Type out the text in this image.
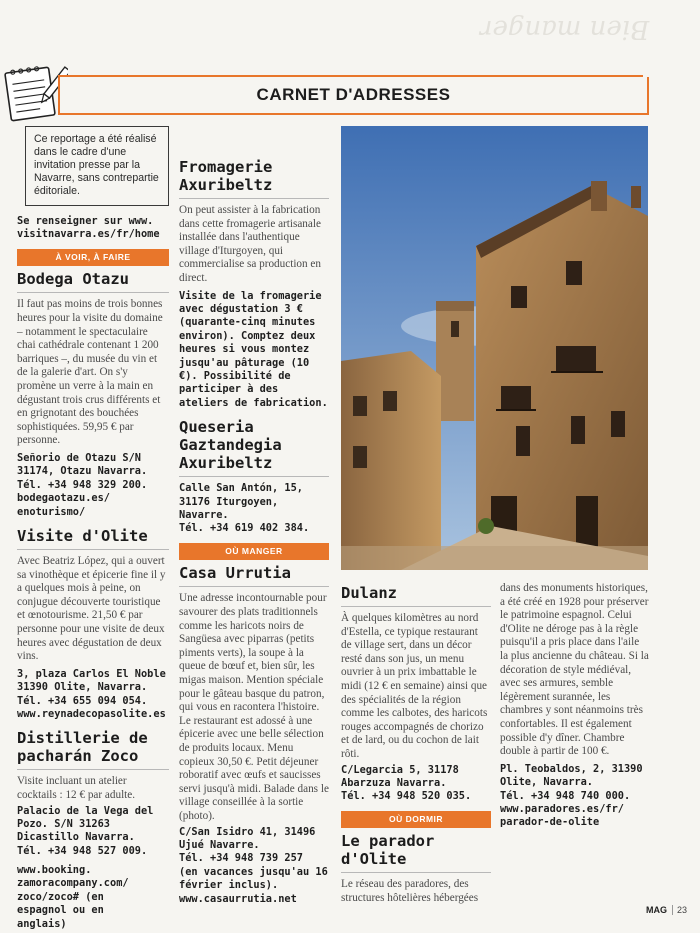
Bien manger
CARNET D'ADRESSES
Ce reportage a été réalisé dans le cadre d'une invitation presse par la Navarre, sans contrepartie éditoriale.
Se renseigner sur www.
visitnavarra.es/fr/home
À VOIR, À FAIRE
Bodega Otazu
Il faut pas moins de trois bonnes heures pour la visite du domaine – notamment le spectaculaire chai cathédrale contenant 1 200 barriques –, du musée du vin et de la galerie d'art. On s'y promène un verre à la main en dégustant trois crus différents et en grignotant des bouchées sophistiquées. 59,95 € par personne.
Señorio de Otazu S/N 31174, Otazu Navarra.
Tél. +34 948 329 200.
bodegaotazu.es/ enoturismo/
Visite d'Olite
Avec Beatriz López, qui a ouvert sa vinothèque et épicerie fine il y a quelques mois à peine, on conjugue découverte touristique et œnotourisme. 21,50 € par personne pour une visite de deux heures avec dégustation de deux vins.
3, plaza Carlos El Noble 31390 Olite, Navarra.
Tél. +34 655 094 054.
www.reynadecopasolite.es
Distillerie de pacharán Zoco
Visite incluant un atelier cocktails : 12 € par adulte.
Palacio de la Vega del Pozo. S/N 31263 Dicastillo Navarra.
Tél. +34 948 527 009.
www.booking. zamoracompany.com/ zoco/zoco# (en espagnol ou en anglais)
Fromagerie Axuribeltz
On peut assister à la fabrication dans cette fromagerie artisanale installée dans l'authentique village d'Iturgoyen, qui commercialise sa production en direct.
Visite de la fromagerie avec dégustation 3 € (quarante-cinq minutes environ). Comptez deux heures si vous montez jusqu'au pâturage (10 €). Possibilité de participer à des ateliers de fabrication.
Queseria Gaztandegia Axuribeltz
Calle San Antón, 15, 31176 Iturgoyen, Navarre.
Tél. +34 619 402 384.
OÙ MANGER
Casa Urrutia
Une adresse incontournable pour savourer des plats traditionnels comme les haricots noirs de Sangüesa avec piparras (petits piments verts), la soupe à la queue de bœuf et, bien sûr, les migas maison. Mention spéciale pour le gâteau basque du patron, qui vous en racontera l'histoire. Le restaurant est adossé à une épicerie avec une belle sélection de produits locaux. Menu copieux 30,50 €. Petit déjeuner roboratif avec œufs et saucisses servi jusqu'à midi. Balade dans le village conseillée à la sortie (photo).
C/San Isidro 41, 31496 Ujué Navarre.
Tél. +34 948 739 257
(en vacances jusqu'au 16 février inclus).
www.casaurrutia.net
Dulanz
À quelques kilomètres au nord d'Estella, ce typique restaurant de village sert, dans un décor resté dans son jus, un menu ouvrier à un prix imbattable le midi (12 € en semaine) ainsi que des spécialités de la région comme les calbotes, des haricots rouges accompagnés de chorizo et de lard, ou du cochon de lait rôti.
C/Legarcia 5, 31178 Abarzuza Navarra.
Tél. +34 948 520 035.
OÙ DORMIR
Le parador d'Olite
Le réseau des paradores, des structures hôtelières hébergées
dans des monuments historiques, a été créé en 1928 pour préserver le patrimoine espagnol. Celui d'Olite ne déroge pas à la règle puisqu'il a pris place dans l'aile la plus ancienne du château. Si la décoration de style médiéval, avec ses armures, semble légèrement surannée, les chambres y sont néanmoins très confortables. Il est également possible d'y dîner. Chambre double à partir de 100 €.
Pl. Teobaldos, 2, 31390 Olite, Navarra.
Tél. +34 948 740 000.
www.paradores.es/fr/ parador-de-olite
MAG	23
